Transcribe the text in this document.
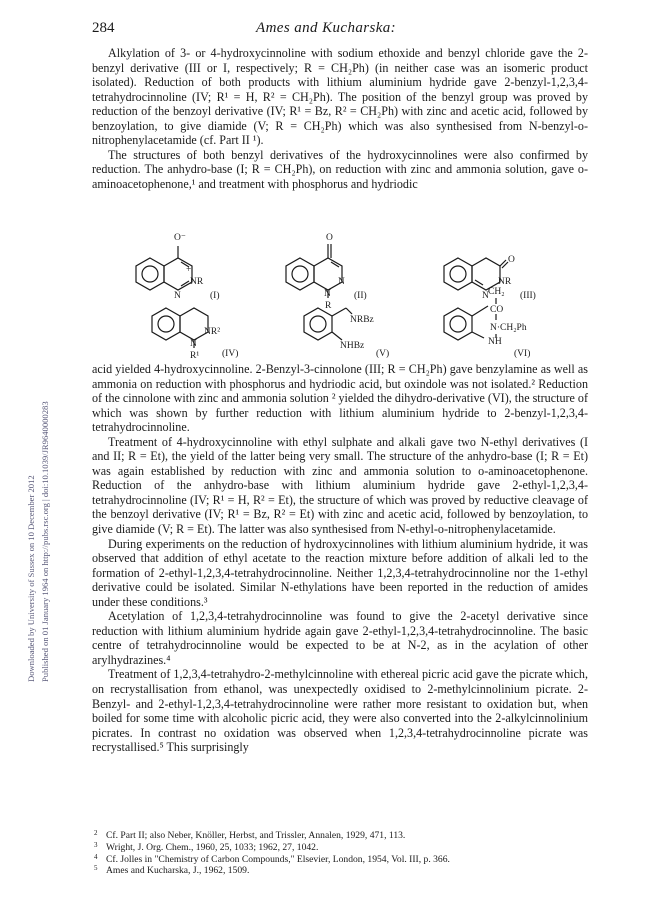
Downloaded by University of Sussex on 10 December 2012 Published on 01 January 1964 on http://pubs.rsc.org | doi:10.1039/JR9640000283
284	Ames and Kucharska:

Alkylation of 3- or 4-hydroxycinnoline with sodium ethoxide and benzyl chloride gave the 2-benzyl derivative (III or I, respectively; R = CH₂Ph) (in neither case was an isomeric product isolated). Reduction of both products with lithium aluminium hydride gave 2-benzyl-1,2,3,4-tetrahydrocinnoline (IV; R¹ = H, R² = CH₂Ph). The position of the benzyl group was proved by reduction of the benzoyl derivative (IV; R¹ = Bz, R² = CH₂Ph) with zinc and acetic acid, followed by benzoylation, to give diamide (V; R = CH₂Ph) which was also synthesised from N-benzyl-o-nitrophenylacetamide (cf. Part II ¹).

The structures of both benzyl derivatives of the hydroxycinnolines were also confirmed by reduction. The anhydro-base (I; R = CH₂Ph), on reduction with zinc and ammonia solution, gave o-aminoacetophenone,¹ and treatment with phosphorus and hydriodic

O⁻
+
NR
N	(I)
O
N
N
R
(II)
O
NR
N	(III)
NR²
N
R¹ (IV)
NRBz
NHBz
(V)
CH₂
CO
N·CH₂Ph
NH
(VI)

acid yielded 4-hydroxycinnoline. 2-Benzyl-3-cinnolone (III; R = CH₂Ph) gave benzylamine as well as ammonia on reduction with phosphorus and hydriodic acid, but oxindole was not isolated.² Reduction of the cinnolone with zinc and ammonia solution ² yielded the dihydro-derivative (VI), the structure of which was shown by further reduction with lithium aluminium hydride to 2-benzyl-1,2,3,4-tetrahydrocinnoline.

Treatment of 4-hydroxycinnoline with ethyl sulphate and alkali gave two N-ethyl derivatives (I and II; R = Et), the yield of the latter being very small. The structure of the anhydro-base (I; R = Et) was again established by reduction with zinc and ammonia solution to o-aminoacetophenone. Reduction of the anhydro-base with lithium aluminium hydride gave 2-ethyl-1,2,3,4-tetrahydrocinnoline (IV; R¹ = H, R² = Et), the structure of which was proved by reductive cleavage of the benzoyl derivative (IV; R¹ = Bz, R² = Et) with zinc and acetic acid, followed by benzoylation, to give diamide (V; R = Et). The latter was also synthesised from N-ethyl-o-nitrophenylacetamide.

During experiments on the reduction of hydroxycinnolines with lithium aluminium hydride, it was observed that addition of ethyl acetate to the reaction mixture before addition of alkali led to the formation of 2-ethyl-1,2,3,4-tetrahydrocinnoline. Neither 1,2,3,4-tetrahydrocinnoline nor the 1-ethyl derivative could be isolated. Similar N-ethylations have been reported in the reduction of amides under these conditions.³

Acetylation of 1,2,3,4-tetrahydrocinnoline was found to give the 2-acetyl derivative since reduction with lithium aluminium hydride again gave 2-ethyl-1,2,3,4-tetrahydrocinnoline. The basic centre of tetrahydrocinnoline would be expected to be at N-2, as in the acylation of other arylhydrazines.⁴

Treatment of 1,2,3,4-tetrahydro-2-methylcinnoline with ethereal picric acid gave the picrate which, on recrystallisation from ethanol, was unexpectedly oxidised to 2-methylcinnolinium picrate. 2-Benzyl- and 2-ethyl-1,2,3,4-tetrahydrocinnoline were rather more resistant to oxidation but, when boiled for some time with alcoholic picric acid, they were also converted into the 2-alkylcinnolinium picrates. In contrast no oxidation was observed when 1,2,3,4-tetrahydrocinnoline picrate was recrystallised.⁵ This surprisingly

2 Cf. Part II; also Neber, Knöller, Herbst, and Trissler, Annalen, 1929, 471, 113.

3 Wright, J. Org. Chem., 1960, 25, 1033; 1962, 27, 1042.

4 Cf. Jolles in "Chemistry of Carbon Compounds," Elsevier, London, 1954, Vol. III, p. 366.

5 Ames and Kucharska, J., 1962, 1509.
